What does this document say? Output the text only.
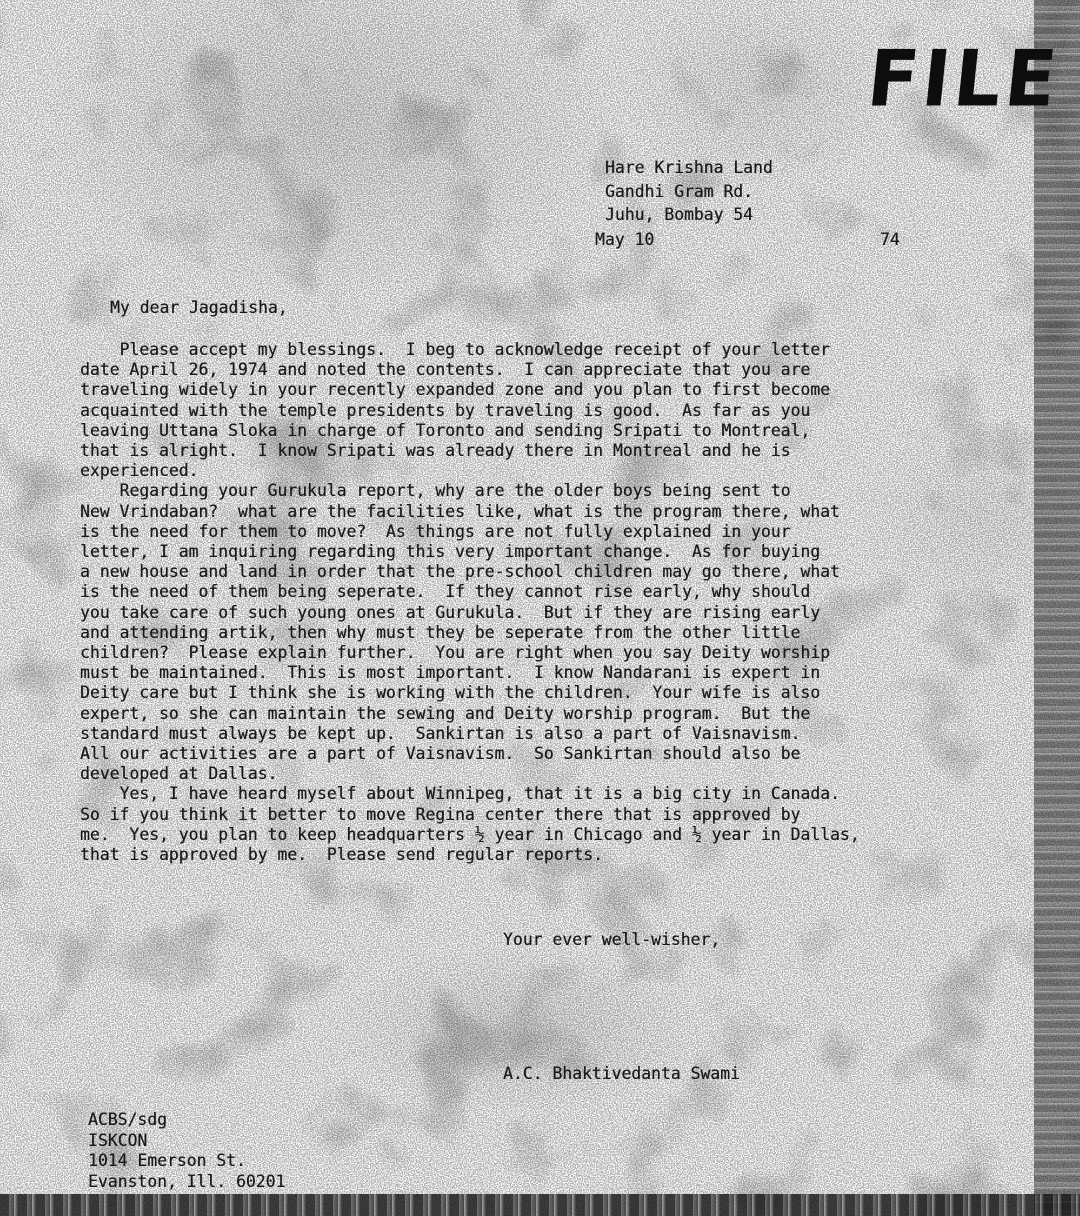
FILE
Hare Krishna Land
Gandhi Gram Rd.
Juhu, Bombay 54

May 10

	74

My dear Jagadisha,
Please accept my blessings.  I beg to acknowledge receipt of your letter
date April 26, 1974 and noted the contents.  I can appreciate that you are
traveling widely in your recently expanded zone and you plan to first become
acquainted with the temple presidents by traveling is good.  As far as you
leaving Uttana Sloka in charge of Toronto and sending Sripati to Montreal,
that is alright.  I know Sripati was already there in Montreal and he is
experienced.
Regarding your Gurukula report, why are the older boys being sent to
New Vrindaban?  what are the facilities like, what is the program there, what
is the need for them to move?  As things are not fully explained in your
letter, I am inquiring regarding this very important change.  As for buying
a new house and land in order that the pre-school children may go there, what
is the need of them being seperate.  If they cannot rise early, why should
you take care of such young ones at Gurukula.  But if they are rising early
and attending artik, then why must they be seperate from the other little
children?  Please explain further.  You are right when you say Deity worship
must be maintained.  This is most important.  I know Nandarani is expert in
Deity care but I think she is working with the children.  Your wife is also
expert, so she can maintain the sewing and Deity worship program.  But the
standard must always be kept up.  Sankirtan is also a part of Vaisnavism.
All our activities are a part of Vaisnavism.  So Sankirtan should also be
developed at Dallas.
Yes, I have heard myself about Winnipeg, that it is a big city in Canada.
So if you think it better to move Regina center there that is approved by
me.  Yes, you plan to keep headquarters ½ year in Chicago and ½ year in Dallas,
that is approved by me.  Please send regular reports.
Your ever well-wisher,
A.C. Bhaktivedanta Swami
ACBS/sdg
ISKCON
1014 Emerson St.
Evanston, Ill. 60201
